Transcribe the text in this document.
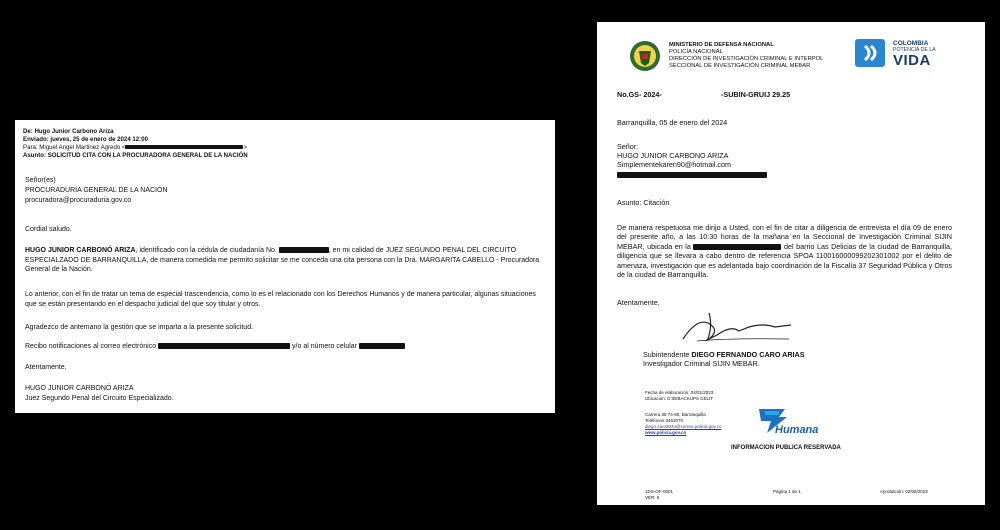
De: Hugo Junior Carbono Ariza
Enviado: jueves, 25 de enero de 2024 12:00
Para: Miguel Angel Martinez Agredo <	>
Asunto: SOLICITUD CITA CON LA PROCURADORA GENERAL DE LA NACIÓN
Señor(es)
PROCURADURIA GENERAL DE LA NACIÓN
procuradora@procuraduria.gov.co
Cordial saludo.
HUGO JUNIOR CARBONÓ ARIZA, identificado con la cédula de ciudadanía No.	, en mi calidad de JUEZ SEGUNDO PENAL DEL CIRCUITO ESPECIALZADO DE BARRANQUILLA, de manera comedida me permito solicitar se me conceda una cita persona con la Dra. MARGARITA CABELLO - Procuradora General de la Nación.
Lo anterior, con el fin de tratar un tema de especial trascendencia, como lo es el relacionado con los Derechos Humanos y de manera particular, algunas situaciones que se están presentando en el despacho judicial del que soy titular y otros.
Agradezco de antemano la gestión que se imparta a la presente solicitud.
Recibo notificaciones al correo electrónico	y/o al número celular
Atentamente,
HUGO JUNIOR CARBONÓ ARIZA
Juez Segundo Penal del Circuito Especializado.
MINISTERIO DE DEFENSA NACIONAL
POLICÍA NACIONAL
DIRECCIÓN DE INVESTIGACIÓN CRIMINAL E INTERPOL
SECCIONAL DE INVESTIGACIÓN CRIMINAL MEBAR
COLOMBIA
POTENCIA DE LA
VIDA
No.GS- 2024-	-SUBIN-GRUIJ 29.25
Barranquilla, 05 de enero del 2024
Señor:
HUGO JUNIOR CARBONO ARIZA
Simplementekaren90@hotmail.com
Asunto: Citación
De manera respetuosa me dirijo a Usted, con el fin de citar a diligencia de entrevista el día 09 de enero del presente año, a las 10:30 horas de la mañana en la Seccional de Investigación Criminal SIJIN MEBAR, ubicada en la	del barrio Las Delicias de la ciudad de Barranquilla, diligencia que se llevara a cabo dentro de referencia SPOA 110016000099202301002 por el delito de amenaza, investigación que es adelantada bajo coordinación de la Fiscalía 37 Seguridad Pública y Otros de la ciudad de Barranquilla.
Atentamente,
Subintendente DIEGO FERNANDO CARO ARIAS
Investigador Criminal SIJIN MEBAR.
Fecha de elaboración: 04/01/2023
Ubicación: D:\DIBACKUPS CELIT
Carrera 38 74-90, Barranquilla
Teléfonos 3453070
diego.caro3044@correo.policia.gov.co
www.policia.gov.co	Humana
INFORMACION PUBLICA RESERVADA
1DS-OF-0001
VER: 6
Página 1 de 1	Aprobación: 02/08/2023
